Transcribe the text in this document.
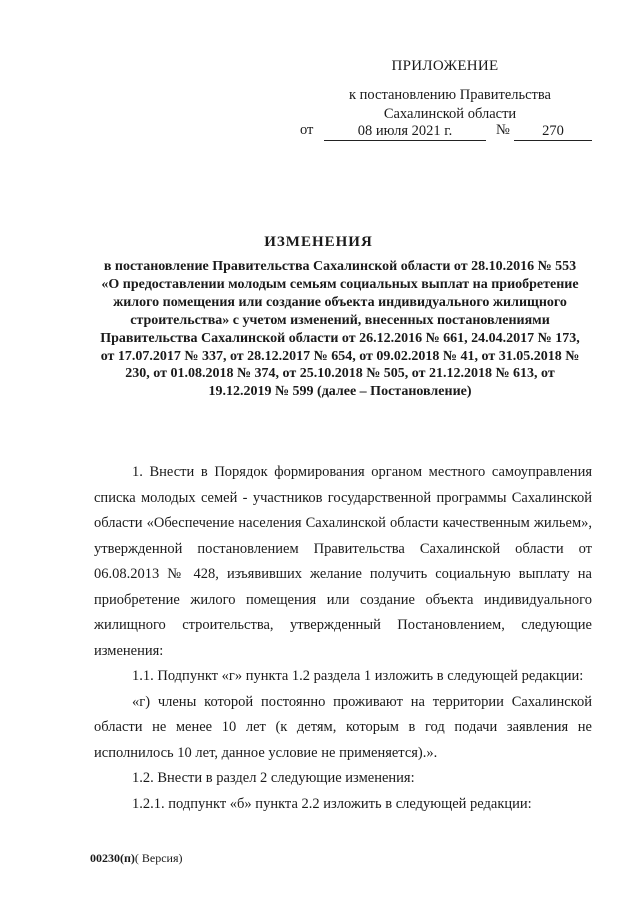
ПРИЛОЖЕНИЕ
к постановлению Правительства
Сахалинской области
от	08 июля 2021 г.	№	270
ИЗМЕНЕНИЯ
в постановление Правительства Сахалинской области от 28.10.2016 № 553 «О предоставлении молодым семьям социальных выплат на приобретение жилого помещения или создание объекта индивидуального жилищного строительства» с учетом изменений, внесенных постановлениями Правительства Сахалинской области от 26.12.2016 № 661, 24.04.2017 № 173, от 17.07.2017 № 337, от 28.12.2017 № 654, от 09.02.2018 № 41, от 31.05.2018 № 230, от 01.08.2018 № 374, от 25.10.2018 № 505, от 21.12.2018 № 613, от 19.12.2019 № 599 (далее – Постановление)

1. Внести в Порядок формирования органом местного самоуправления списка молодых семей - участников государственной программы Сахалинской области «Обеспечение населения Сахалинской области качественным жильем», утвержденной постановлением Правительства Сахалинской области от 06.08.2013 № 428, изъявивших желание получить социальную выплату на приобретение жилого помещения или создание объекта индивидуального жилищного строительства, утвержденный Постановлением, следующие изменения:

1.1. Подпункт «г» пункта 1.2 раздела 1 изложить в следующей редакции:

«г) члены которой постоянно проживают на территории Сахалинской области не менее 10 лет (к детям, которым в год подачи заявления не исполнилось 10 лет, данное условие не применяется).».

1.2. Внести в раздел 2 следующие изменения:

1.2.1. подпункт «б» пункта 2.2 изложить в следующей редакции:

00230(п)( Версия)
